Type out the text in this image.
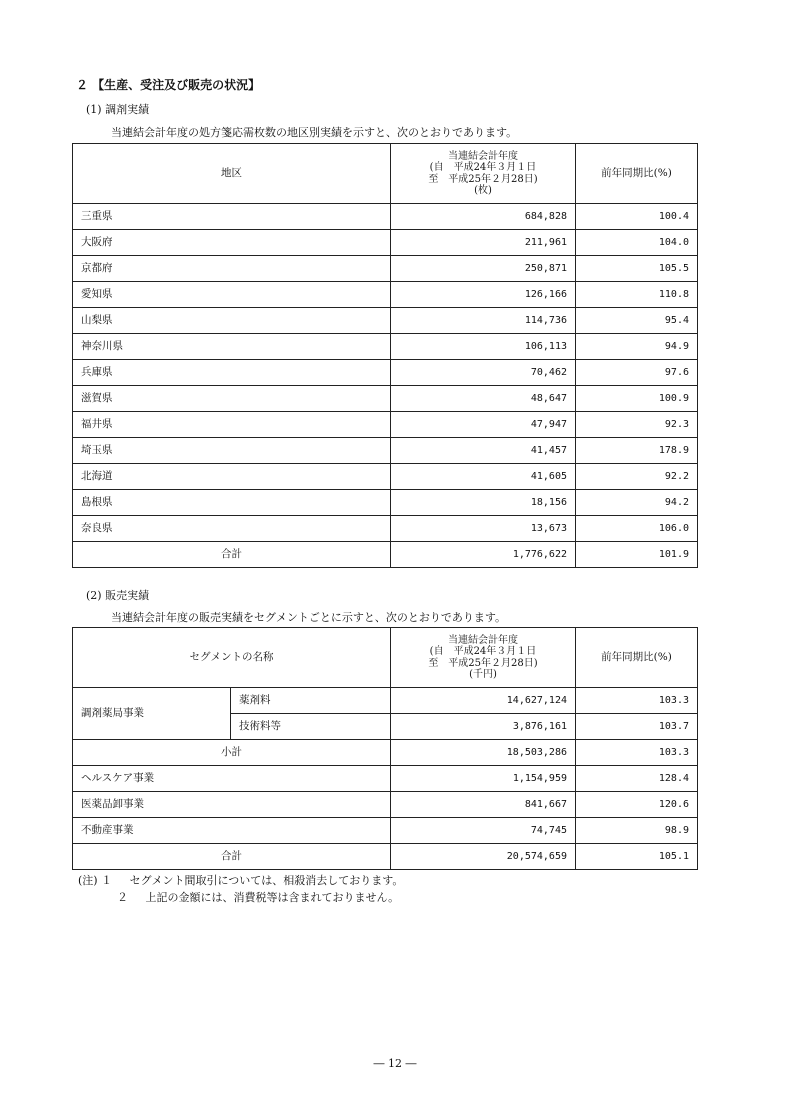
２ 【生産、受注及び販売の状況】
(1) 調剤実績
当連結会計年度の処方箋応需枚数の地区別実績を示すと、次のとおりであります。
地区	当連結会計年度
(自　平成24年３月１日
至　平成25年２月28日)
(枚)	前年同期比(%)
三重県	684,828	100.4
大阪府	211,961	104.0
京都府	250,871	105.5
愛知県	126,166	110.8
山梨県	114,736	95.4
神奈川県	106,113	94.9
兵庫県	70,462	97.6
滋賀県	48,647	100.9
福井県	47,947	92.3
埼玉県	41,457	178.9
北海道	41,605	92.2
島根県	18,156	94.2
奈良県	13,673	106.0
合計	1,776,622	101.9
(2) 販売実績
当連結会計年度の販売実績をセグメントごとに示すと、次のとおりであります。
セグメントの名称		当連結会計年度
(自　平成24年３月１日
至　平成25年２月28日)
(千円)	前年同期比(%)
調剤薬局事業	薬剤料	14,627,124	103.3
	技術料等	3,876,161	103.7
小計		18,503,286	103.3
ヘルスケア事業		1,154,959	128.4
医薬品卸事業		841,667	120.6
不動産事業		74,745	98.9
合計		20,574,659	105.1
(注) １ セグメント間取引については、相殺消去しております。
２ 上記の金額には、消費税等は含まれておりません。
― 12 ―
